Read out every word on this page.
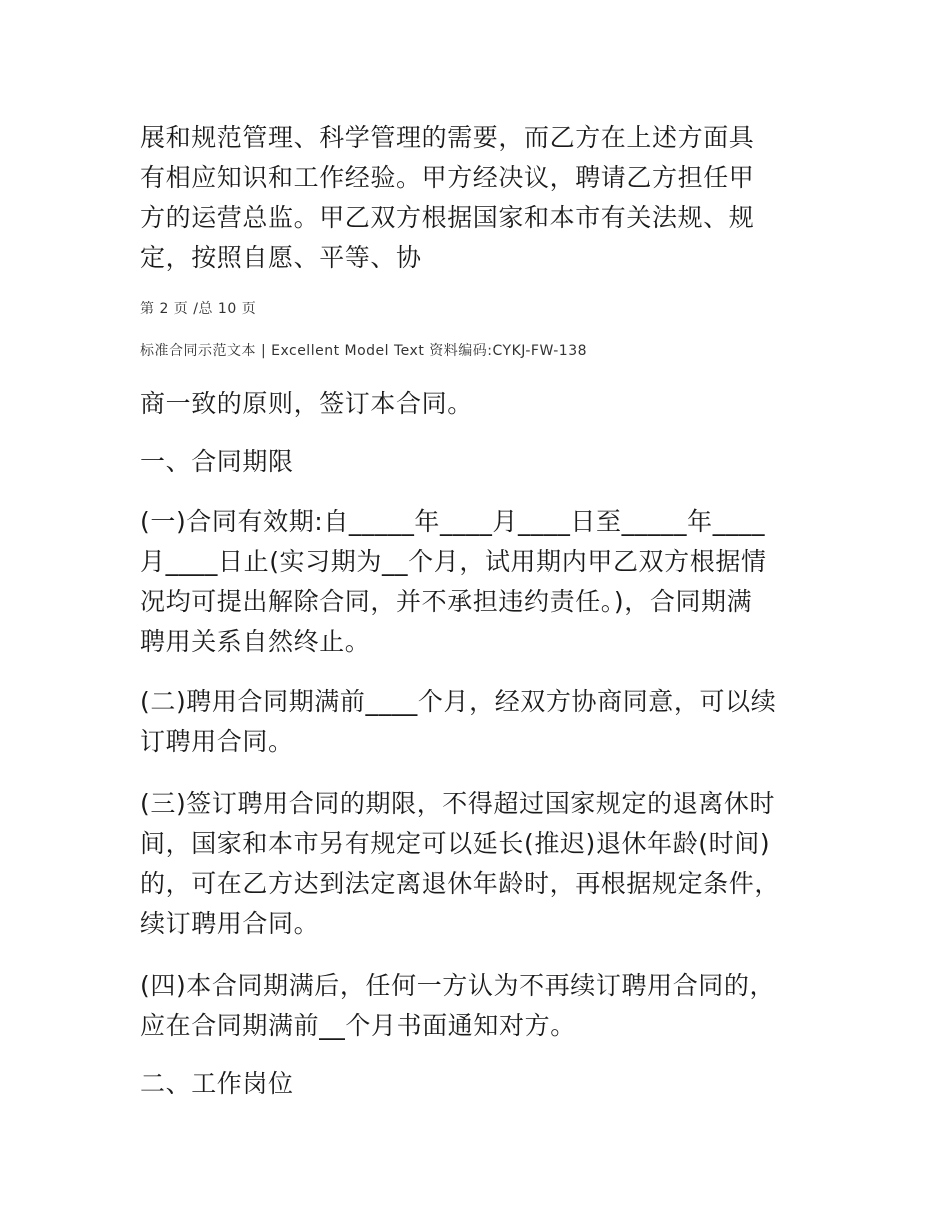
展和规范管理、科学管理的需要，而乙方在上述方面具
有相应知识和工作经验。甲方经决议，聘请乙方担任甲
方的运营总监。甲乙双方根据国家和本市有关法规、规
定，按照自愿、平等、协
第 2 页 /总 10 页
标准合同示范文本 | Excellent Model Text 资料编码:CYKJ-FW-138
商一致的原则，签订本合同。
一、合同期限
(一)合同有效期:自_____年____月____日至_____年____
月____日止(实习期为__个月，试用期内甲乙双方根据情
况均可提出解除合同，并不承担违约责任。)，合同期满
聘用关系自然终止。
(二)聘用合同期满前____个月，经双方协商同意，可以续
订聘用合同。
(三)签订聘用合同的期限，不得超过国家规定的退离休时
间，国家和本市另有规定可以延长(推迟)退休年龄(时间)
的，可在乙方达到法定离退休年龄时，再根据规定条件，
续订聘用合同。
(四)本合同期满后，任何一方认为不再续订聘用合同的，
应在合同期满前__个月书面通知对方。
二、工作岗位
